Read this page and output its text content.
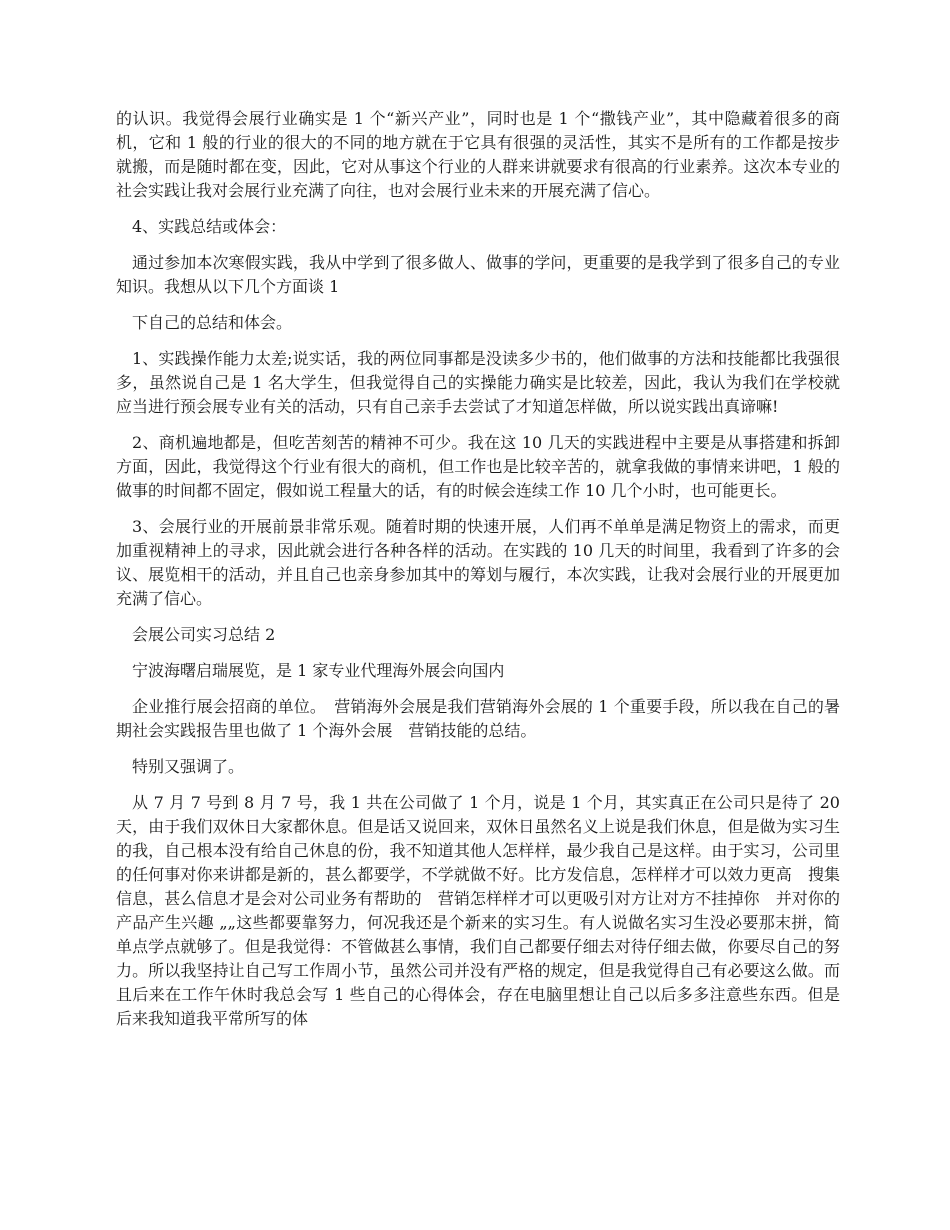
的认识。我觉得会展行业确实是 1 个“新兴产业”，同时也是 1 个“撒钱产业”，其中隐藏着很多的商机，它和 1 般的行业的很大的不同的地方就在于它具有很强的灵活性，其实不是所有的工作都是按步就搬，而是随时都在变，因此，它对从事这个行业的人群来讲就要求有很高的行业素养。这次本专业的社会实践让我对会展行业充满了向往，也对会展行业未来的开展充满了信心。

4、实践总结或体会：

通过参加本次寒假实践，我从中学到了很多做人、做事的学问，更重要的是我学到了很多自己的专业知识。我想从以下几个方面谈 1

下自己的总结和体会。

1、实践操作能力太差;说实话，我的两位同事都是没读多少书的，他们做事的方法和技能都比我强很多，虽然说自己是 1 名大学生，但我觉得自己的实操能力确实是比较差，因此，我认为我们在学校就应当进行预会展专业有关的活动，只有自己亲手去尝试了才知道怎样做，所以说实践出真谛嘛!

2、商机遍地都是，但吃苦刻苦的精神不可少。我在这 10 几天的实践进程中主要是从事搭建和拆卸方面，因此，我觉得这个行业有很大的商机，但工作也是比较辛苦的，就拿我做的事情来讲吧，1 般的做事的时间都不固定，假如说工程量大的话，有的时候会连续工作 10 几个小时，也可能更长。

3、会展行业的开展前景非常乐观。随着时期的快速开展，人们再不单单是满足物资上的需求，而更加重视精神上的寻求，因此就会进行各种各样的活动。在实践的 10 几天的时间里，我看到了许多的会议、展览相干的活动，并且自己也亲身参加其中的筹划与履行，本次实践，让我对会展行业的开展更加充满了信心。

会展公司实习总结 2

宁波海曙启瑞展览，是 1 家专业代理海外展会向国内

企业推行展会招商的单位。　营销海外会展是我们营销海外会展的 1 个重要手段，所以我在自己的暑期社会实践报告里也做了 1 个海外会展　营销技能的总结。

特别又强调了。

从 7 月 7 号到 8 月 7 号，我 1 共在公司做了 1 个月，说是 1 个月，其实真正在公司只是待了 20 天，由于我们双休日大家都休息。但是话又说回来，双休日虽然名义上说是我们休息，但是做为实习生的我，自己根本没有给自己休息的份，我不知道其他人怎样样，最少我自己是这样。由于实习，公司里的任何事对你来讲都是新的，甚么都要学，不学就做不好。比方发信息，怎样样才可以效力更高　搜集信息，甚么信息才是会对公司业务有帮助的　营销怎样样才可以更吸引对方让对方不挂掉你　并对你的产品产生兴趣 „„这些都要靠努力，何况我还是个新来的实习生。有人说做名实习生没必要那末拼，简单点学点就够了。但是我觉得：不管做甚么事情，我们自己都要仔细去对待仔细去做，你要尽自己的努力。所以我坚持让自己写工作周小节，虽然公司并没有严格的规定，但是我觉得自己有必要这么做。而且后来在工作午休时我总会写 1 些自己的心得体会，存在电脑里想让自己以后多多注意些东西。但是后来我知道我平常所写的体
